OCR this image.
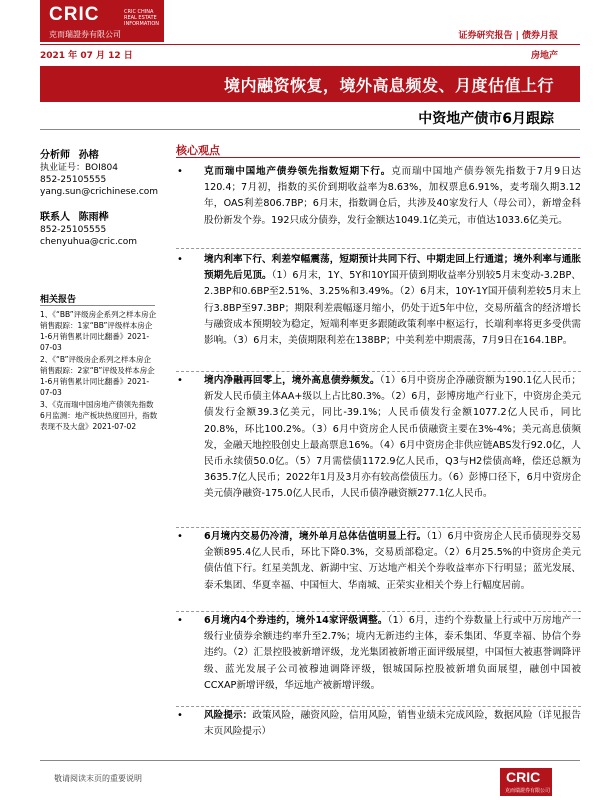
CRIC	CRIC CHINA REAL ESTATE INFORMATION
克而瑞證券有限公司	证券研究报告 | 债券月报
2021 年 07 月 12 日	房地产
境内融资恢复，境外高息频发、月度估值上行
中资地产债市6月跟踪
分析师 孙榕
执业证号：BOI804
852-25105555
yang.sun@crichinese.com
联系人 陈雨桦
852-25105555
chenyuhua@cric.com
相关报告
1、《“BB”评级房企系列之样本房企销售跟踪：1家“BB”评级样本房企1-6月销售累计同比翻番》2021-07-03
2、《“B”评级房企系列之样本房企销售跟踪：2家“B”评级及样本房企1-6月销售累计同比翻番》2021-07-03
3、《克而瑞中国房地产债领先指数6月监测：地产板块热度回升，指数表现不及大盘》2021-07-02
核心观点
• 克而瑞中国地产债券领先指数短期下行。克而瑞中国地产债券领先指数于7月9日达120.4；7月初，指数的买价到期收益率为8.63%，加权票息6.91%，麦考瑞久期3.12年，OAS利差806.7BP；6月末，指数调仓后，共涉及40家发行人（母公司），新增金科股份新发个券。192只成分债券，发行金额达1049.1亿美元，市值达1033.6亿美元。
• 境内利率下行、利差窄幅震荡，短期预计共同下行、中期走回上行通道；境外利率与通胀预期先后见顶。（1）6月末，1Y、5Y和10Y国开债到期收益率分别较5月末变动-3.2BP、2.3BP和0.6BP至2.51%、3.25%和3.49%。（2）6月末，10Y-1Y国开债利差较5月末上行3.8BP至97.3BP；期限利差震幅逐月缩小，仍处于近5年中位，交易所蕴含的经济增长与融资成本预期较为稳定，短端利率更多跟随政策利率中枢运行，长端利率将更多受供需影响。（3）6月末，美债期限利差在138BP；中美利差中期震荡，7月9日在164.1BP。
• 境内净融再回零上，境外高息债券频发。（1）6月中资房企净融资额为190.1亿人民币；新发人民币债主体AA+级以上占比80.3%。（2）6月，彭博房地产行业下，中资房企美元债发行金额39.3亿美元，同比-39.1%；人民币债发行金额1077.2亿人民币，同比20.8%，环比100.2%。（3）6月中资房企人民币债融资主要在3%-4%；美元高息债频发，金融天地控股创史上最高票息16%。（4）6月中资房企非供应链ABS发行92.0亿，人民币永续债50.0亿。（5）7月需偿债1172.9亿人民币，Q3与H2偿债高峰，偿还总额为3635.7亿人民币；2022年1月及3月亦有较高偿债压力。（6）彭博口径下，6月中资房企美元债净融资-175.0亿人民币，人民币债净融资额277.1亿人民币。
• 6月境内交易仍冷清，境外单月总体估值明显上行。（1）6月中资房企人民币债现券交易金额895.4亿人民币，环比下降0.3%，交易质部稳定。（2）6月25.5%的中资房企美元债估值下行。红星美凯龙、新湖中宝、万达地产相关个券收益率亦下行明显；蓝光发展、泰禾集团、华夏幸福、中国恒大、华南城、正荣实业相关个券上行幅度居前。
• 6月境内4个券违约，境外14家评级调整。（1）6月，违约个券数量上行或中万房地产一级行业债券余额违约率升至2.7%；境内无新违约主体，泰禾集团、华夏幸福、协信个券违约。（2）汇景控股被新增评级，龙光集团被新增正面评级展望，中国恒大被惠誉调降评级、蓝光发展子公司被穆迪调降评级，银城国际控股被新增负面展望，融创中国被CCXAP新增评级，华远地产被新增评级。
• 风险提示：政策风险，融资风险，信用风险，销售业绩未完成风险，数据风险（详见报告末页风险提示）
敬请阅读末页的重要说明	CRIC
克而瑞證券有限公司
